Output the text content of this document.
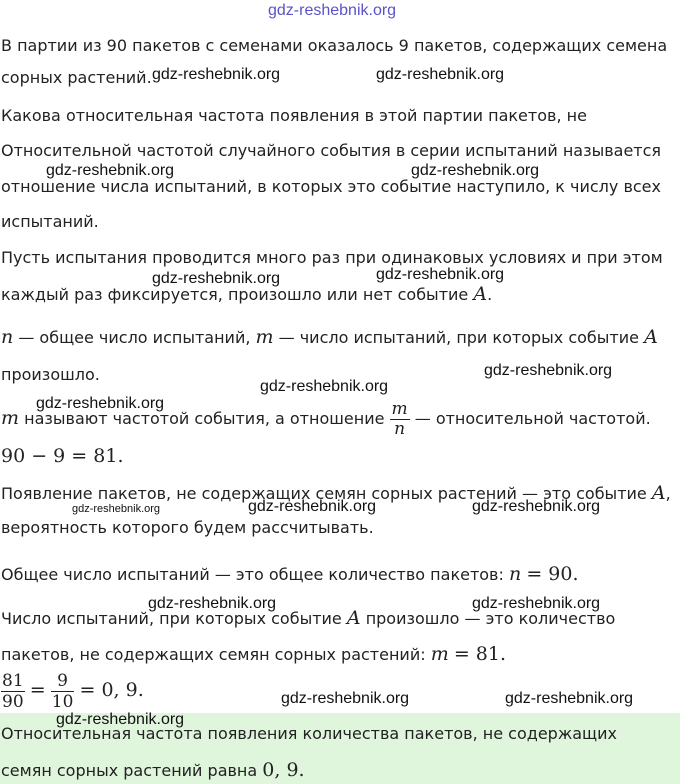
gdz-reshebnik.org

В партии из 90 пакетов с семенами оказалось 9 пакетов, содержащих семена

сорных растений.

Какова относительная частота появления в этой партии пакетов, не

Относительной частотой случайного события в серии испытаний называется

отношение числа испытаний, в которых это событие наступило, к числу всех

испытаний.

Пусть испытания проводится много раз при одинаковых условиях и при этом

каждый раз фиксируется, произошло или нет событие A.

n — общее число испытаний, m — число испытаний, при которых событие A

произошло.

m называют частотой события, а отношение $\frac{m}{n}$ — относительной частотой.

90 − 9 = 81.

Появление пакетов, не содержащих семян сорных растений — это событие A,

вероятность которого будем рассчитывать.

Общее число испытаний — это общее количество пакетов: n = 90.

Число испытаний, при которых событие A произошло — это количество

пакетов, не содержащих семян сорных растений: m = 81.

$\frac{81}{90} = \frac{9}{10} = 0$, 9.

Относительная частота появления количества пакетов, не содержащих

семян сорных растений равна 0, 9.

gdz-reshebnik.org	gdz-reshebnik.org
gdz-reshebnik.org	gdz-reshebnik.org
gdz-reshebnik.org	gdz-reshebnik.org
gdz-reshebnik.org
gdz-reshebnik.org
gdz-reshebnik.org
gdz-reshebnik.org	gdz-reshebnik.org	gdz-reshebnik.org
gdz-reshebnik.org	gdz-reshebnik.org
gdz-reshebnik.org	gdz-reshebnik.org
gdz-reshebnik.org
